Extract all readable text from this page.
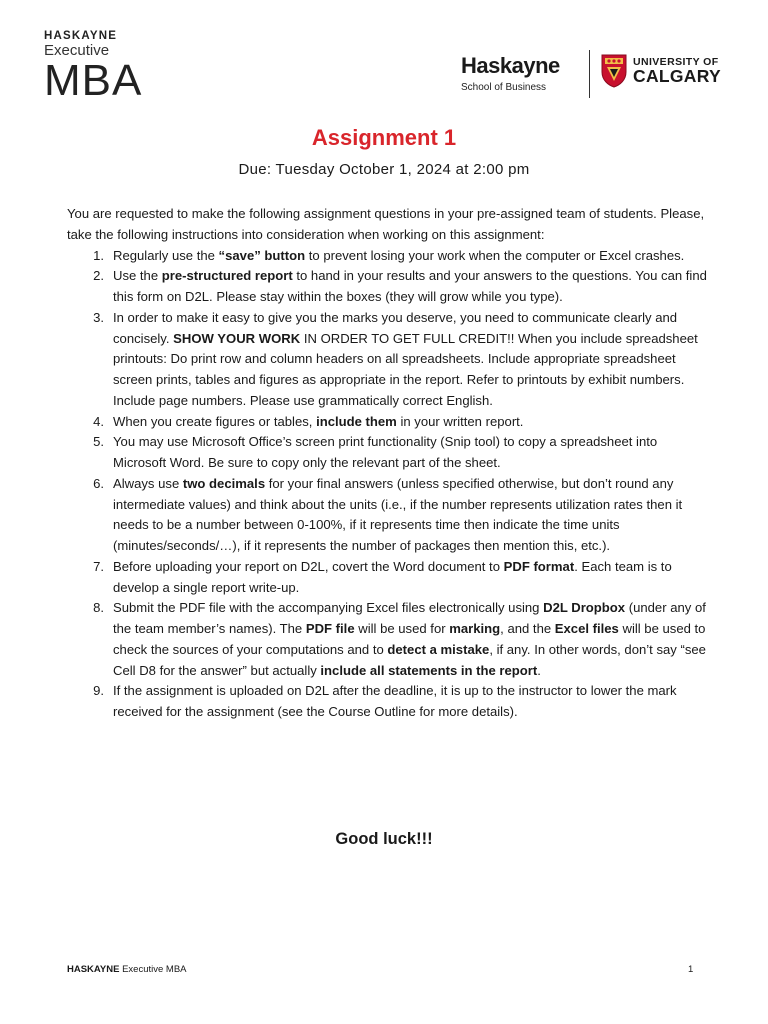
HASKAYNE
Executive
MBA	Haskayne
School of Business
UNIVERSITY OF
CALGARY
Assignment 1
Due: Tuesday October 1, 2024 at 2:00 pm

You are requested to make the following assignment questions in your pre-assigned team of students. Please, take the following instructions into consideration when working on this assignment:

1. Regularly use the “save” button to prevent losing your work when the computer or Excel crashes.
2. Use the pre-structured report to hand in your results and your answers to the questions. You can find this form on D2L. Please stay within the boxes (they will grow while you type).
3. In order to make it easy to give you the marks you deserve, you need to communicate clearly and concisely. SHOW YOUR WORK IN ORDER TO GET FULL CREDIT!! When you include spreadsheet printouts: Do print row and column headers on all spreadsheets. Include appropriate spreadsheet screen prints, tables and figures as appropriate in the report. Refer to printouts by exhibit numbers. Include page numbers. Please use grammatically correct English.
4. When you create figures or tables, include them in your written report.
5. You may use Microsoft Office’s screen print functionality (Snip tool) to copy a spreadsheet into Microsoft Word. Be sure to copy only the relevant part of the sheet.
6. Always use two decimals for your final answers (unless specified otherwise, but don’t round any intermediate values) and think about the units (i.e., if the number represents utilization rates then it needs to be a number between 0-100%, if it represents time then indicate the time units (minutes/seconds/…), if it represents the number of packages then mention this, etc.).
7. Before uploading your report on D2L, covert the Word document to PDF format. Each team is to develop a single report write-up.
8. Submit the PDF file with the accompanying Excel files electronically using D2L Dropbox (under any of the team member’s names). The PDF file will be used for marking, and the Excel files will be used to check the sources of your computations and to detect a mistake, if any. In other words, don’t say “see Cell D8 for the answer” but actually include all statements in the report.
9. If the assignment is uploaded on D2L after the deadline, it is up to the instructor to lower the mark received for the assignment (see the Course Outline for more details).
Good luck!!!
HASKAYNE Executive MBA	1
